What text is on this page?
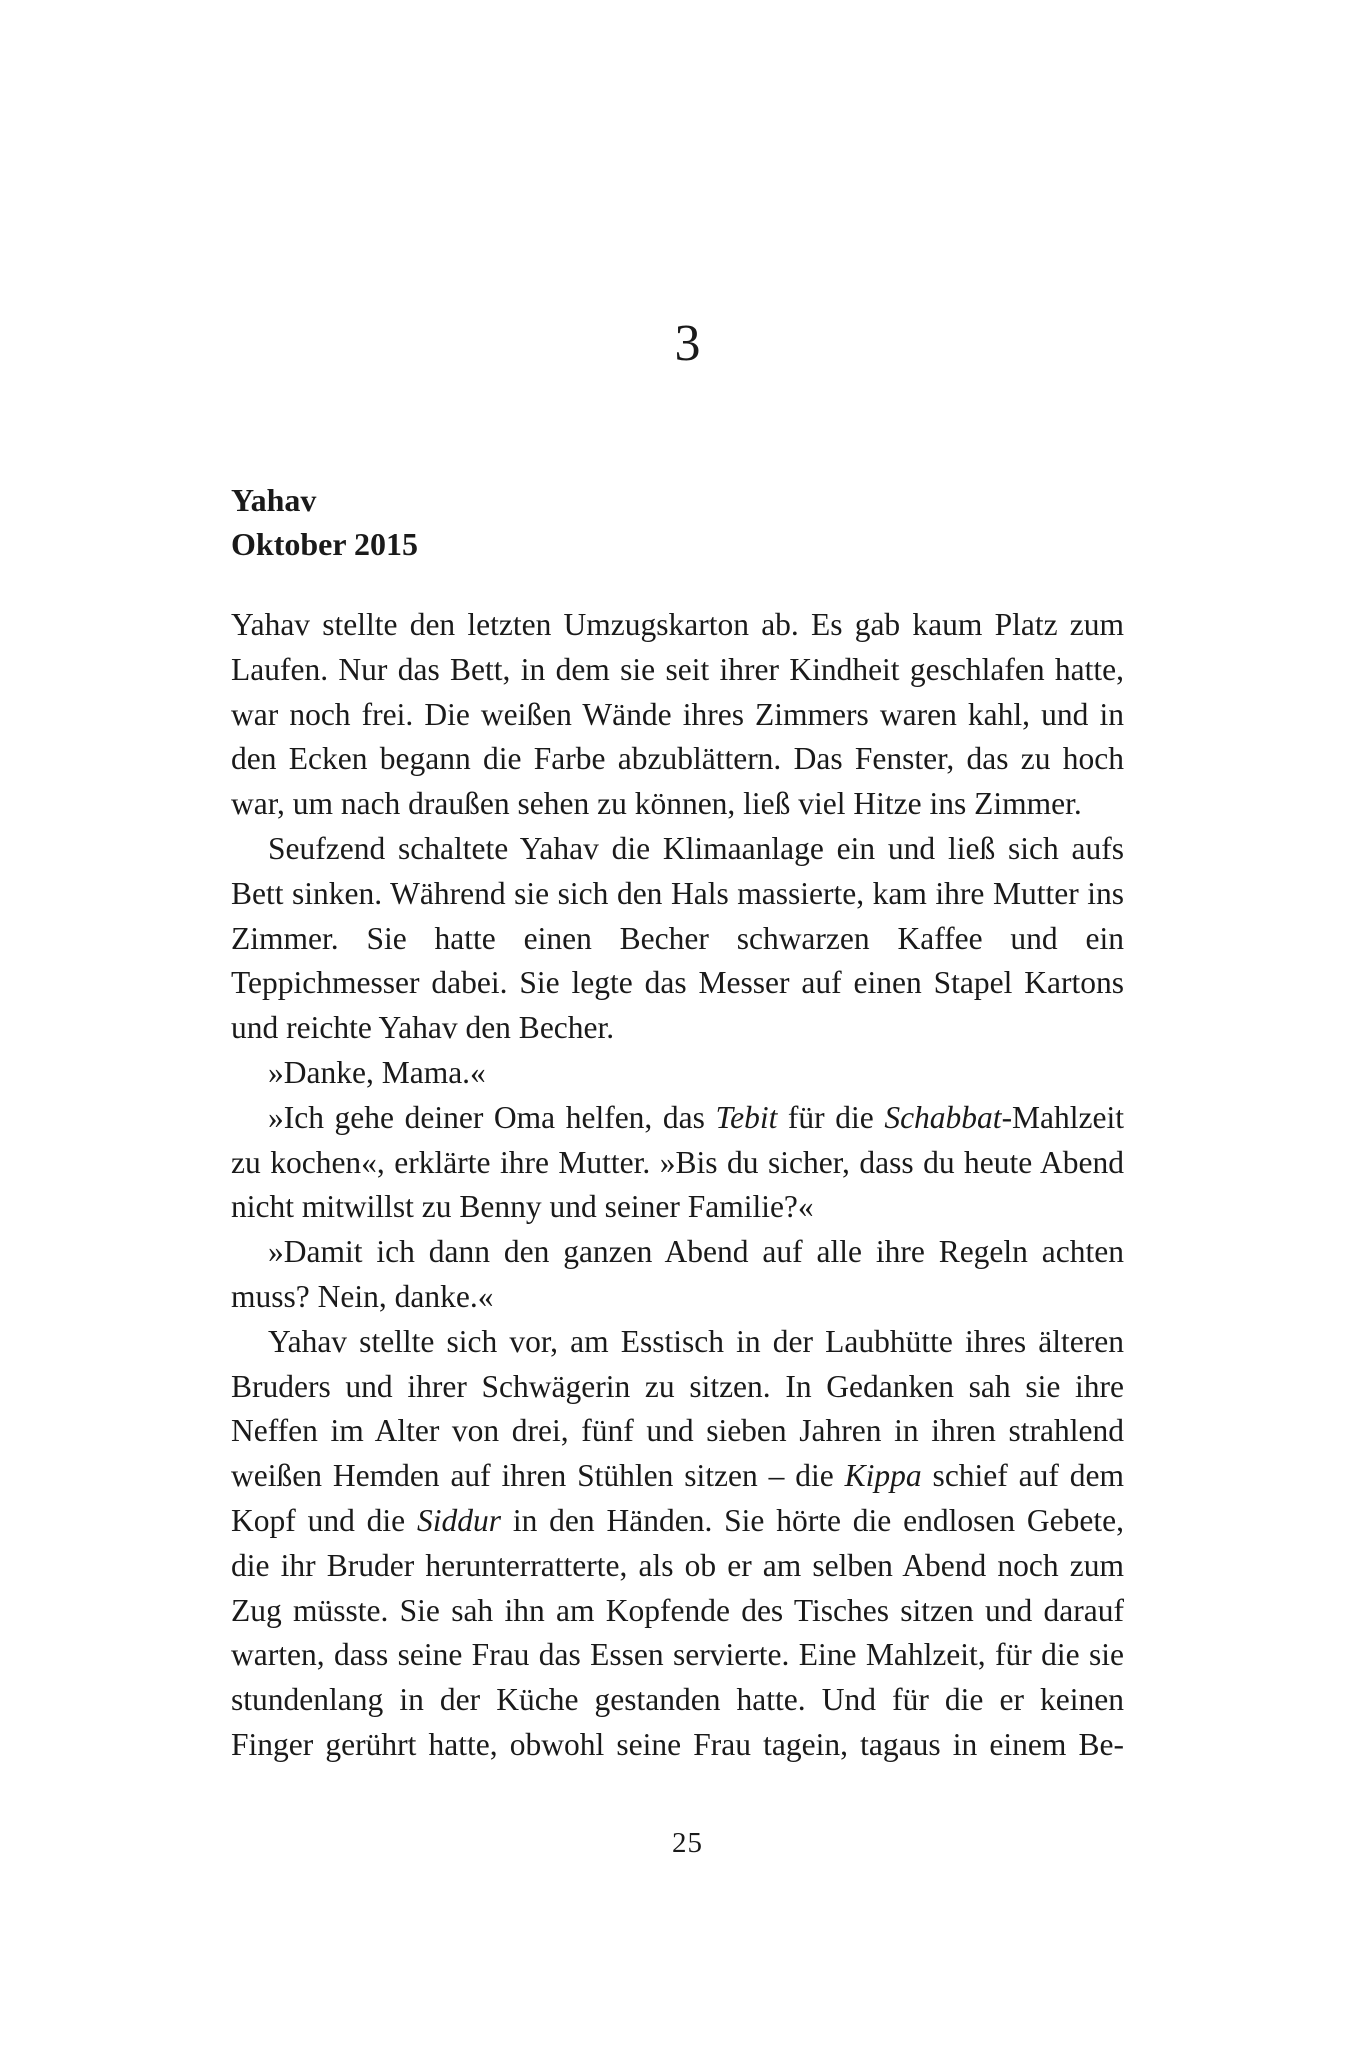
3
Yahav
Oktober 2015

Yahav stellte den letzten Umzugskarton ab. Es gab kaum Platz zum Laufen. Nur das Bett, in dem sie seit ihrer Kindheit geschlafen hatte, war noch frei. Die weißen Wände ihres Zimmers waren kahl, und in den Ecken begann die Farbe abzublättern. Das Fenster, das zu hoch war, um nach draußen sehen zu können, ließ viel Hitze ins Zimmer.

Seufzend schaltete Yahav die Klimaanlage ein und ließ sich aufs Bett sinken. Während sie sich den Hals massierte, kam ihre Mutter ins Zimmer. Sie hatte einen Becher schwarzen Kaffee und ein Teppichmesser dabei. Sie legte das Messer auf einen Stapel Kartons und reichte Yahav den Becher.

»Danke, Mama.«

»Ich gehe deiner Oma helfen, das Tebit für die Schabbat-Mahlzeit zu kochen«, erklärte ihre Mutter. »Bis du sicher, dass du heute Abend nicht mitwillst zu Benny und seiner Familie?«

»Damit ich dann den ganzen Abend auf alle ihre Regeln achten muss? Nein, danke.«

Yahav stellte sich vor, am Esstisch in der Laubhütte ihres älteren Bruders und ihrer Schwägerin zu sitzen. In Gedanken sah sie ihre Neffen im Alter von drei, fünf und sieben Jahren in ihren strahlend weißen Hemden auf ihren Stühlen sitzen – die Kippa schief auf dem Kopf und die Siddur in den Händen. Sie hörte die endlosen Gebete, die ihr Bruder herunterratterte, als ob er am selben Abend noch zum Zug müsste. Sie sah ihn am Kopfende des Tisches sitzen und darauf warten, dass seine Frau das Essen servierte. Eine Mahlzeit, für die sie stundenlang in der Küche gestanden hatte. Und für die er keinen Finger gerührt hatte, obwohl seine Frau tagein, tagaus in einem Be-

25
